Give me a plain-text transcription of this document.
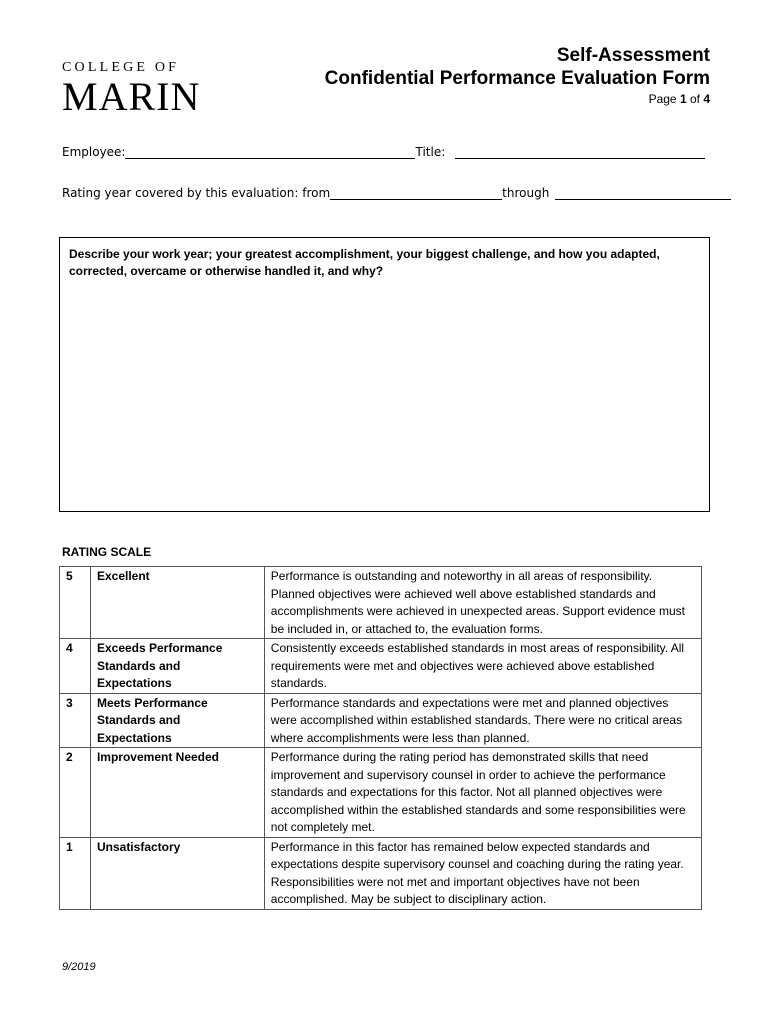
COLLEGE OF
MARIN
Self-Assessment
Confidential Performance Evaluation Form
Page 1 of 4
Employee:	Title:
Rating year covered by this evaluation: from	through
Describe your work year; your greatest accomplishment, your biggest challenge, and how you adapted, corrected, overcame or otherwise handled it, and why?
RATING SCALE
5	Excellent	Performance is outstanding and noteworthy in all areas of responsibility. Planned objectives were achieved well above established standards and accomplishments were achieved in unexpected areas. Support evidence must be included in, or attached to, the evaluation forms.
4	Exceeds Performance Standards and Expectations	Consistently exceeds established standards in most areas of responsibility. All requirements were met and objectives were achieved above established standards.
3	Meets Performance Standards and Expectations	Performance standards and expectations were met and planned objectives were accomplished within established standards. There were no critical areas where accomplishments were less than planned.
2	Improvement Needed	Performance during the rating period has demonstrated skills that need improvement and supervisory counsel in order to achieve the performance standards and expectations for this factor. Not all planned objectives were accomplished within the established standards and some responsibilities were not completely met.
1	Unsatisfactory	Performance in this factor has remained below expected standards and expectations despite supervisory counsel and coaching during the rating year. Responsibilities were not met and important objectives have not been accomplished. May be subject to disciplinary action.
9/2019
